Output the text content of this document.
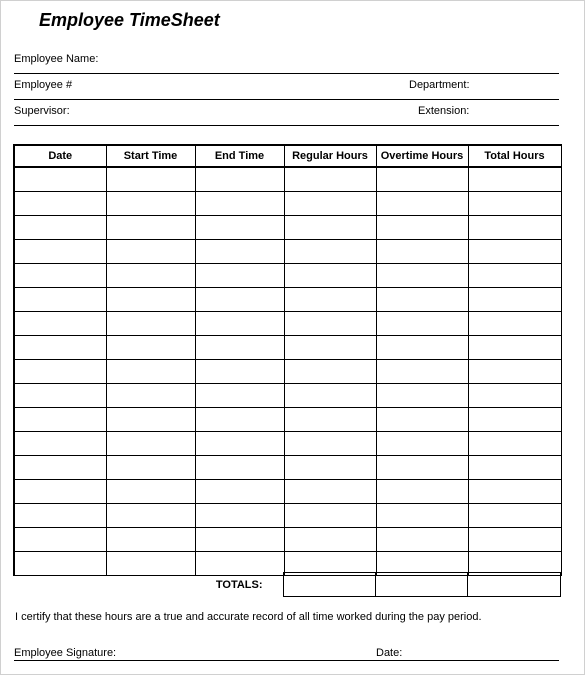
Employee TimeSheet
Employee Name:
Employee #	Department:
Supervisor:	Extension:
Date	Start Time	End Time	Regular Hours	Overtime Hours	Total Hours

TOTALS:			
I certify that these hours are a true and accurate record of all time worked during the pay period.
Employee Signature:	Date:
